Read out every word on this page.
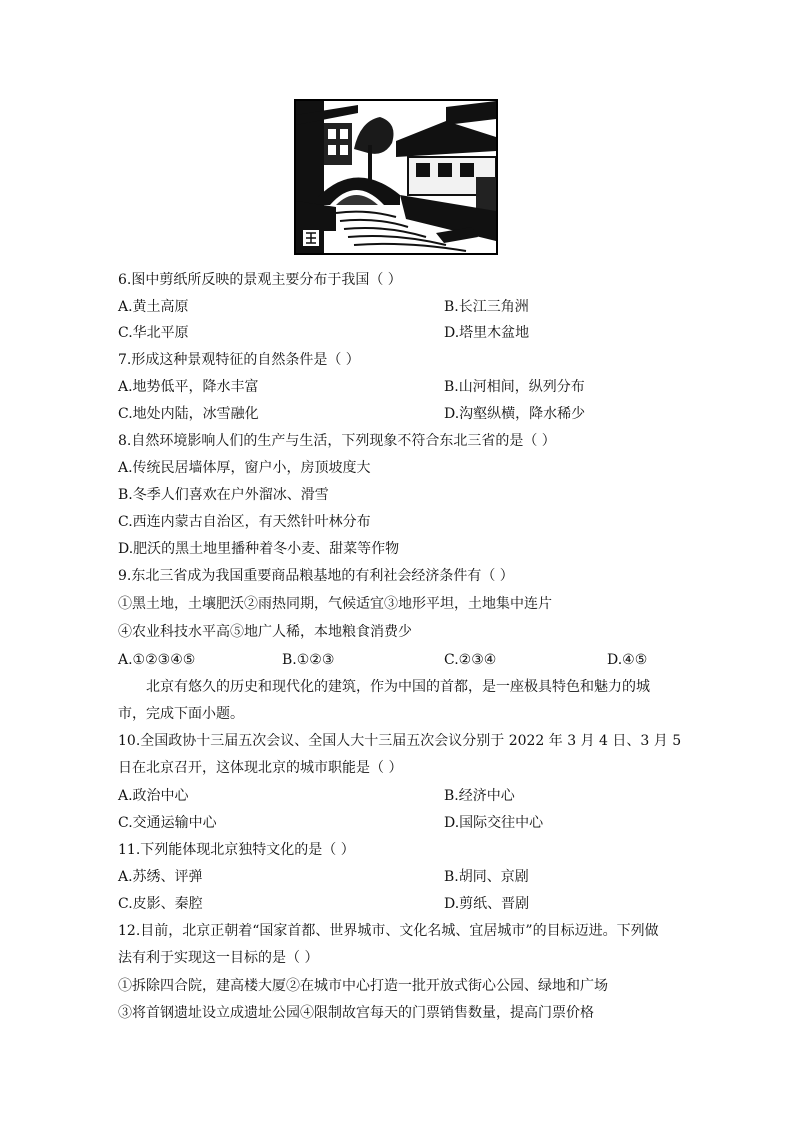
6.图中剪纸所反映的景观主要分布于我国（ ）
A.黄土高原	B.长江三角洲
C.华北平原	D.塔里木盆地
7.形成这种景观特征的自然条件是（ ）
A.地势低平，降水丰富	B.山河相间，纵列分布
C.地处内陆，冰雪融化	D.沟壑纵横，降水稀少
8.自然环境影响人们的生产与生活，下列现象不符合东北三省的是（ ）
A.传统民居墙体厚，窗户小，房顶坡度大
B.冬季人们喜欢在户外溜冰、滑雪
C.西连内蒙古自治区，有天然针叶林分布
D.肥沃的黑土地里播种着冬小麦、甜菜等作物
9.东北三省成为我国重要商品粮基地的有利社会经济条件有（ ）
①黑土地，土壤肥沃②雨热同期，气候适宜③地形平坦，土地集中连片
④农业科技水平高⑤地广人稀，本地粮食消费少
A.①②③④⑤	B.①②③	C.②③④	D.④⑤
北京有悠久的历史和现代化的建筑，作为中国的首都，是一座极具特色和魅力的城
市，完成下面小题。
10.全国政协十三届五次会议、全国人大十三届五次会议分别于 2022 年 3 月 4 日、3 月 5
日在北京召开，这体现北京的城市职能是（ ）
A.政治中心	B.经济中心
C.交通运输中心	D.国际交往中心
11.下列能体现北京独特文化的是（ ）
A.苏绣、评弹	B.胡同、京剧
C.皮影、秦腔	D.剪纸、晋剧
12.目前，北京正朝着“国家首都、世界城市、文化名城、宜居城市”的目标迈进。下列做
法有利于实现这一目标的是（ ）
①拆除四合院，建高楼大厦②在城市中心打造一批开放式街心公园、绿地和广场
③将首钢遗址设立成遗址公园④限制故宫每天的门票销售数量，提高门票价格
